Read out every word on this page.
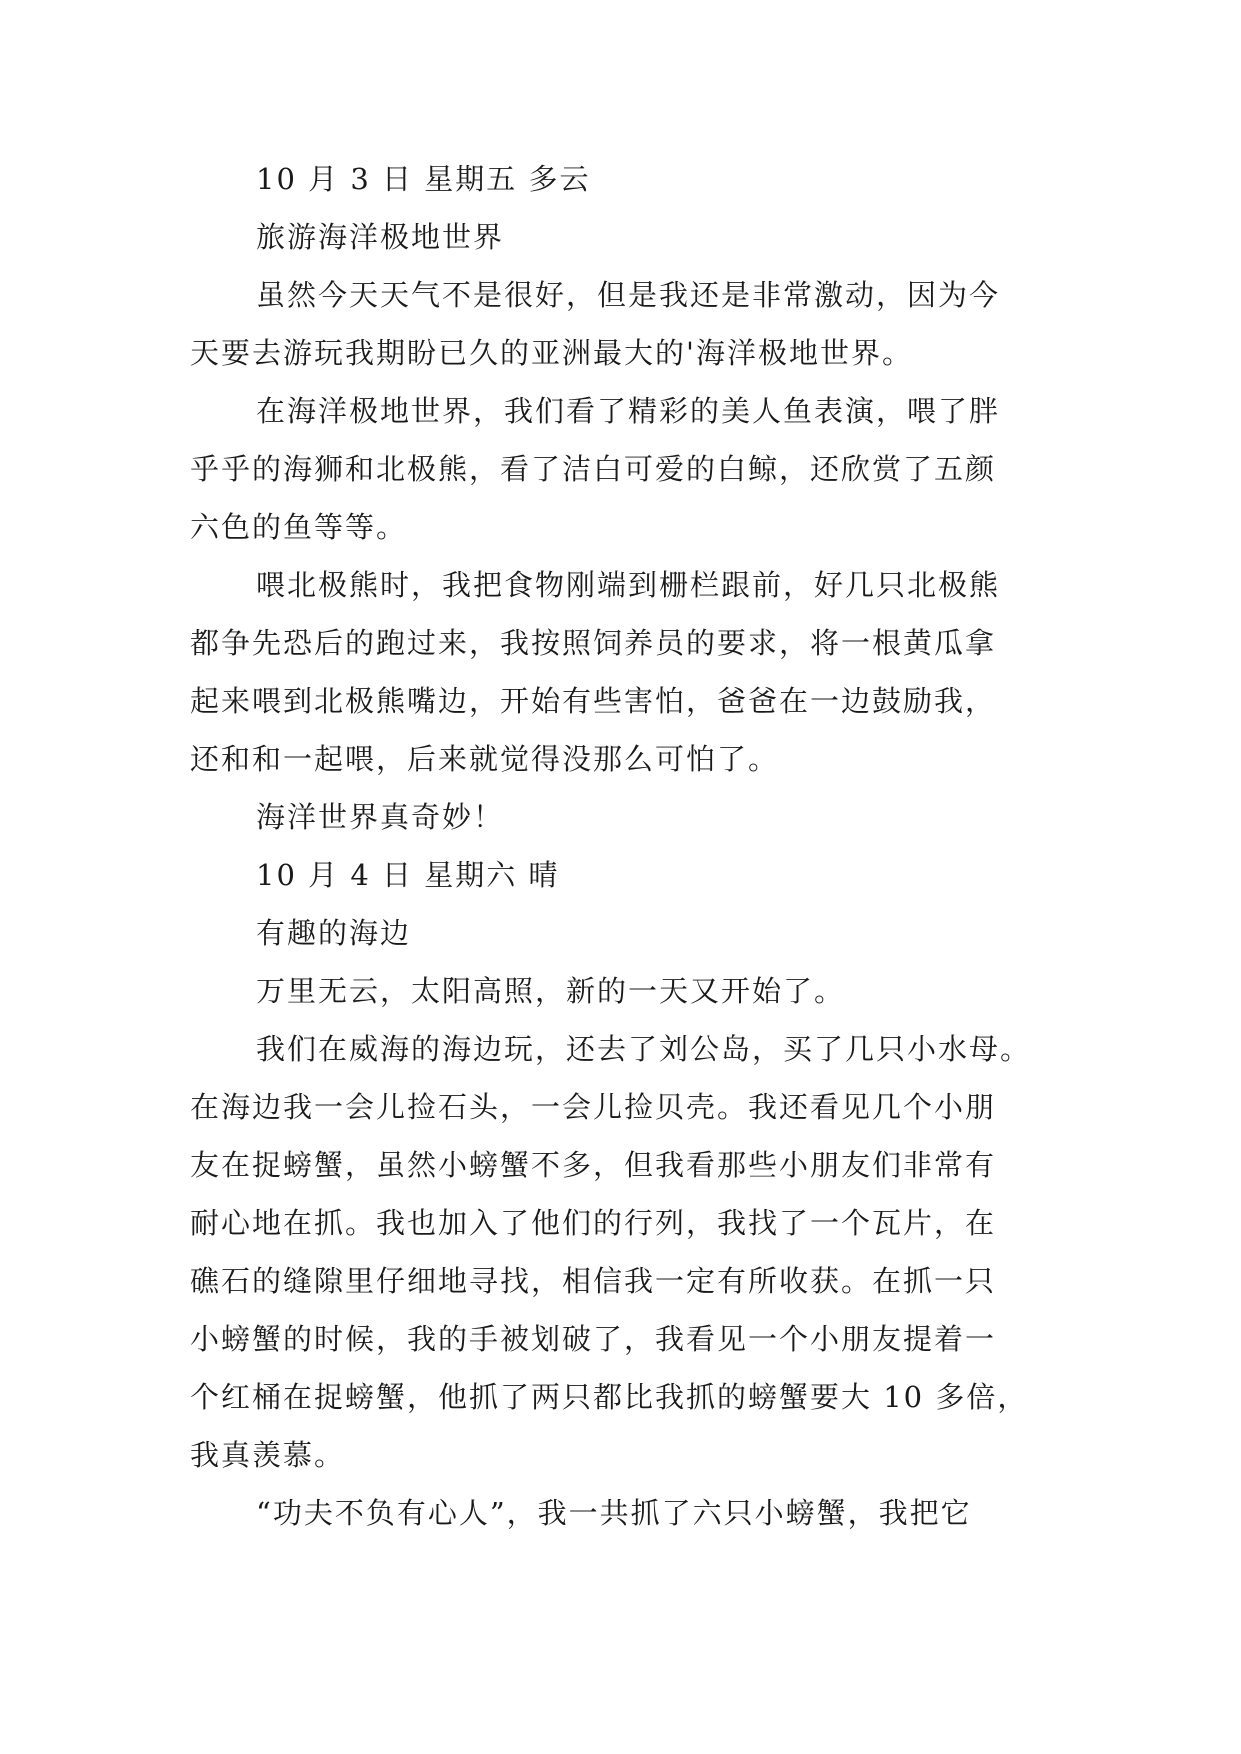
10 月 3 日 星期五 多云
旅游海洋极地世界
虽然今天天气不是很好，但是我还是非常激动，因为今
天要去游玩我期盼已久的亚洲最大的'海洋极地世界。
在海洋极地世界，我们看了精彩的美人鱼表演，喂了胖
乎乎的海狮和北极熊，看了洁白可爱的白鲸，还欣赏了五颜
六色的鱼等等。
喂北极熊时，我把食物刚端到栅栏跟前，好几只北极熊
都争先恐后的跑过来，我按照饲养员的要求，将一根黄瓜拿
起来喂到北极熊嘴边，开始有些害怕，爸爸在一边鼓励我，
还和和一起喂，后来就觉得没那么可怕了。
海洋世界真奇妙！
10 月 4 日 星期六 晴
有趣的海边
万里无云，太阳高照，新的一天又开始了。
我们在威海的海边玩，还去了刘公岛，买了几只小水母。
在海边我一会儿捡石头，一会儿捡贝壳。我还看见几个小朋
友在捉螃蟹，虽然小螃蟹不多，但我看那些小朋友们非常有
耐心地在抓。我也加入了他们的行列，我找了一个瓦片，在
礁石的缝隙里仔细地寻找，相信我一定有所收获。在抓一只
小螃蟹的时候，我的手被划破了，我看见一个小朋友提着一
个红桶在捉螃蟹，他抓了两只都比我抓的螃蟹要大 10 多倍，
我真羡慕。
“功夫不负有心人”，我一共抓了六只小螃蟹，我把它
